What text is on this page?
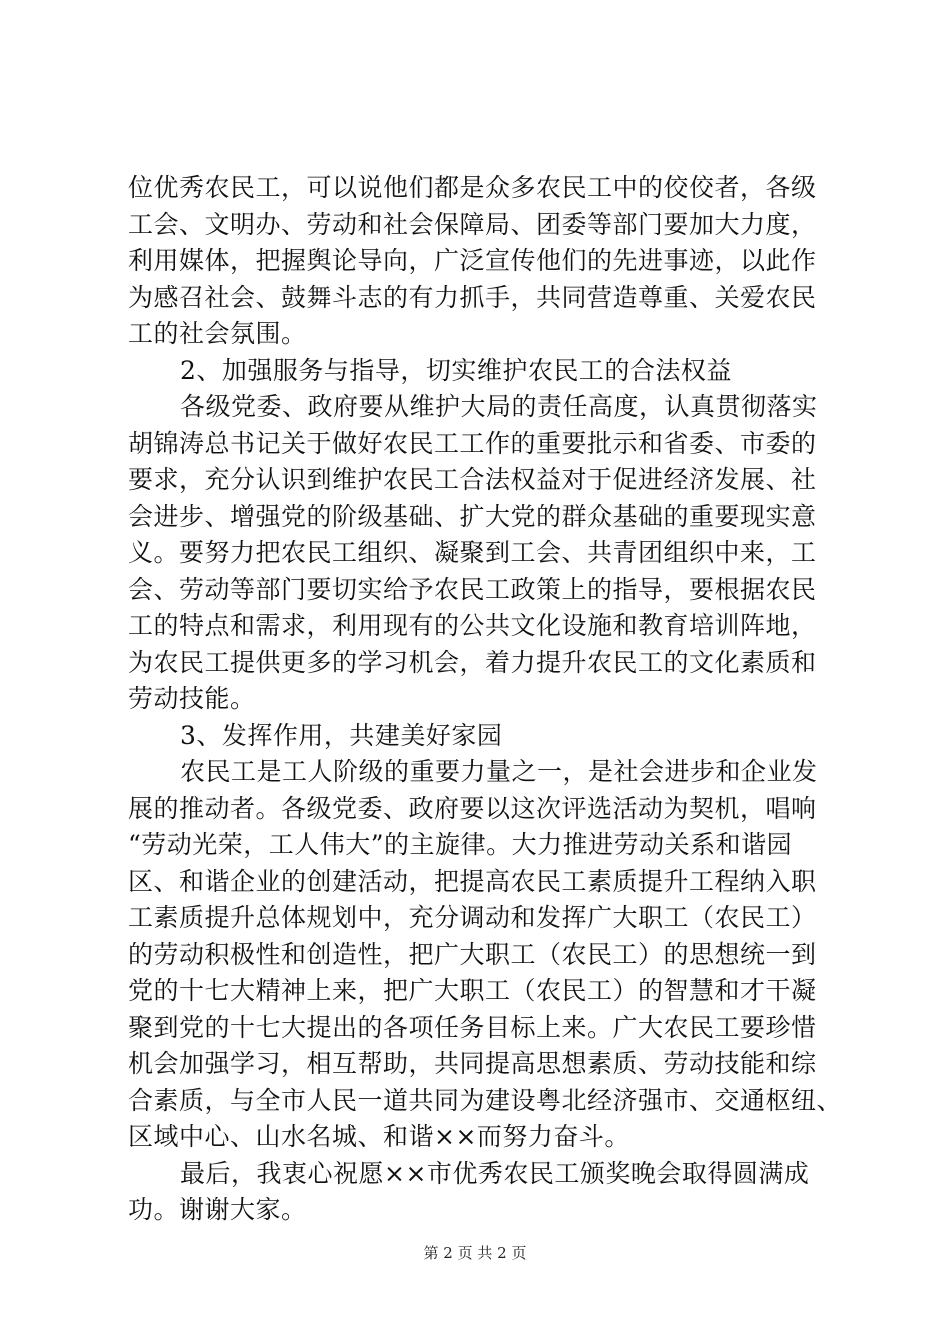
位优秀农民工，可以说他们都是众多农民工中的佼佼者，各级
工会、文明办、劳动和社会保障局、团委等部门要加大力度，
利用媒体，把握舆论导向，广泛宣传他们的先进事迹，以此作
为感召社会、鼓舞斗志的有力抓手，共同营造尊重、关爱农民
工的社会氛围。
2、加强服务与指导，切实维护农民工的合法权益
各级党委、政府要从维护大局的责任高度，认真贯彻落实
胡锦涛总书记关于做好农民工工作的重要批示和省委、市委的
要求，充分认识到维护农民工合法权益对于促进经济发展、社
会进步、增强党的阶级基础、扩大党的群众基础的重要现实意
义。要努力把农民工组织、凝聚到工会、共青团组织中来，工
会、劳动等部门要切实给予农民工政策上的指导，要根据农民
工的特点和需求，利用现有的公共文化设施和教育培训阵地，
为农民工提供更多的学习机会，着力提升农民工的文化素质和
劳动技能。
3、发挥作用，共建美好家园
农民工是工人阶级的重要力量之一，是社会进步和企业发
展的推动者。各级党委、政府要以这次评选活动为契机，唱响
“劳动光荣，工人伟大”的主旋律。大力推进劳动关系和谐园
区、和谐企业的创建活动，把提高农民工素质提升工程纳入职
工素质提升总体规划中，充分调动和发挥广大职工（农民工）
的劳动积极性和创造性，把广大职工（农民工）的思想统一到
党的十七大精神上来，把广大职工（农民工）的智慧和才干凝
聚到党的十七大提出的各项任务目标上来。广大农民工要珍惜
机会加强学习，相互帮助，共同提高思想素质、劳动技能和综
合素质，与全市人民一道共同为建设粤北经济强市、交通枢纽、
区域中心、山水名城、和谐××而努力奋斗。
最后，我衷心祝愿××市优秀农民工颁奖晚会取得圆满成
功。谢谢大家。
第 2 页 共 2 页
